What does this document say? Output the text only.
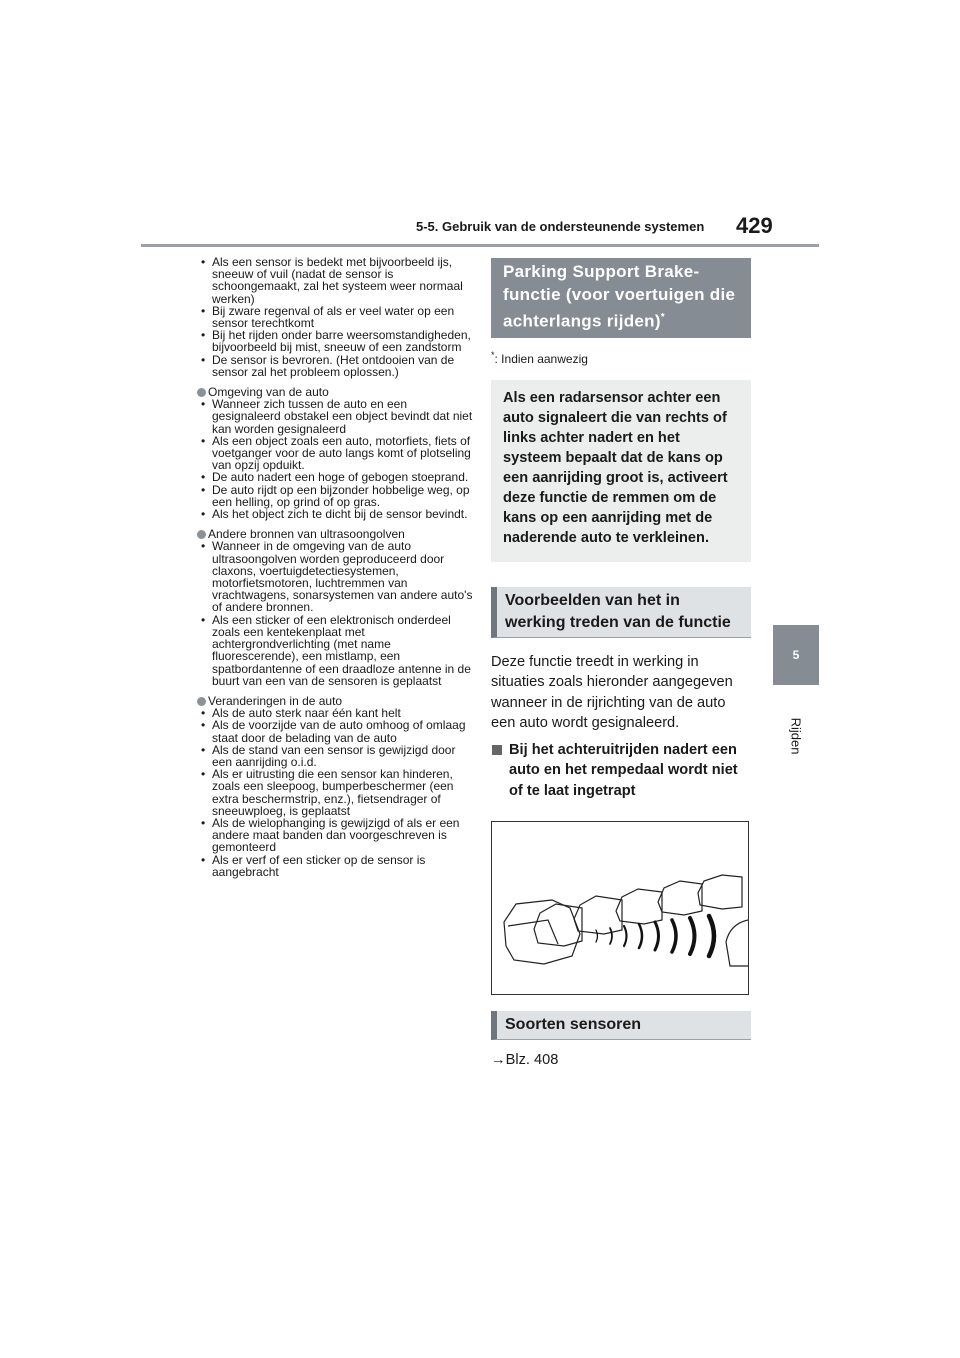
5-5. Gebruik van de ondersteunende systemen 429
5
Rijden
• Als een sensor is bedekt met bijvoorbeeld ijs, sneeuw of vuil (nadat de sensor is schoongemaakt, zal het systeem weer normaal werken)
• Bij zware regenval of als er veel water op een sensor terechtkomt
• Bij het rijden onder barre weersomstandigheden, bijvoorbeeld bij mist, sneeuw of een zandstorm
• De sensor is bevroren. (Het ontdooien van de sensor zal het probleem oplossen.)
Omgeving van de auto
• Wanneer zich tussen de auto en een gesignaleerd obstakel een object bevindt dat niet kan worden gesignaleerd
• Als een object zoals een auto, motorfiets, fiets of voetganger voor de auto langs komt of plotseling van opzij opduikt.
• De auto nadert een hoge of gebogen stoeprand.
• De auto rijdt op een bijzonder hobbelige weg, op een helling, op grind of op gras.
• Als het object zich te dicht bij de sensor bevindt.
Andere bronnen van ultrasoongolven
• Wanneer in de omgeving van de auto ultrasoongolven worden geproduceerd door claxons, voertuigdetectiesystemen, motorfietsmotoren, luchtremmen van vrachtwagens, sonarsystemen van andere auto's of andere bronnen.
• Als een sticker of een elektronisch onderdeel zoals een kentekenplaat met achtergrondverlichting (met name fluorescerende), een mistlamp, een spatbordantenne of een draadloze antenne in de buurt van een van de sensoren is geplaatst
Veranderingen in de auto
• Als de auto sterk naar één kant helt
• Als de voorzijde van de auto omhoog of omlaag staat door de belading van de auto
• Als de stand van een sensor is gewijzigd door een aanrijding o.i.d.
• Als er uitrusting die een sensor kan hinderen, zoals een sleepoog, bumperbeschermer (een extra beschermstrip, enz.), fietsendrager of sneeuwploeg, is geplaatst
• Als de wielophanging is gewijzigd of als er een andere maat banden dan voorgeschreven is gemonteerd
• Als er verf of een sticker op de sensor is aangebracht
Parking Support Brake-functie (voor voertuigen die achterlangs rijden)*
*: Indien aanwezig
Als een radarsensor achter een auto signaleert die van rechts of links achter nadert en het systeem bepaalt dat de kans op een aanrijding groot is, activeert deze functie de remmen om de kans op een aanrijding met de naderende auto te verkleinen.
Voorbeelden van het in werking treden van de functie
Deze functie treedt in werking in situaties zoals hieronder aangegeven wanneer in de rijrichting van de auto een auto wordt gesignaleerd.
Bij het achteruitrijden nadert een auto en het rempedaal wordt niet of te laat ingetrapt
Soorten sensoren
→Blz. 408
